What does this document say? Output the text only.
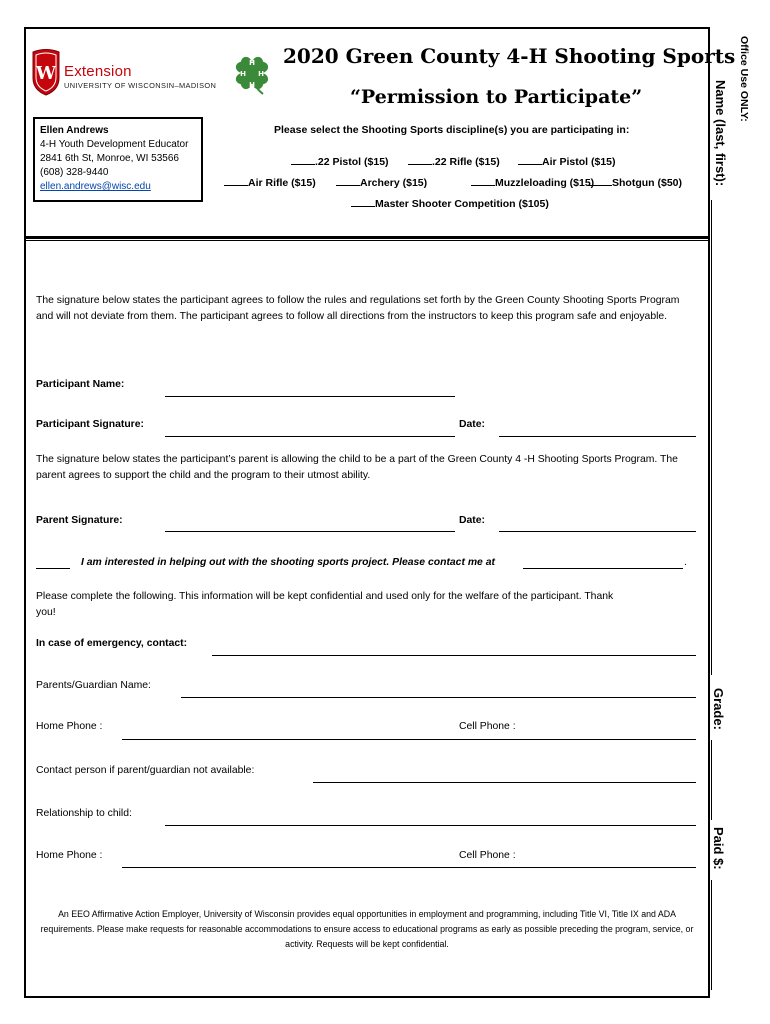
W Extension
UNIVERSITY OF WISCONSIN–MADISON
H
H
H
H
2020 Green County 4-H Shooting Sports
“Permission to Participate”
Ellen Andrews
4-H Youth Development Educator
2841 6th St, Monroe, WI 53566
(608) 328-9440
ellen.andrews@wisc.edu
Please select the Shooting Sports discipline(s) you are participating in:
.22 Pistol ($15)	.22 Rifle ($15)	Air Pistol ($15)
Air Rifle ($15)	Archery ($15)	Muzzleloading ($15)	Shotgun ($50)
Master Shooter Competition ($105)
The signature below states the participant agrees to follow the rules and regulations set forth by the Green County Shooting Sports Program and will not deviate from them. The participant agrees to follow all directions from the instructors to keep this program safe and enjoyable.
Participant Name:
Participant Signature:	Date:
The signature below states the participant’s parent is allowing the child to be a part of the Green County 4 -H Shooting Sports Program. The parent agrees to support the child and the program to their utmost ability.
Parent Signature:	Date:
I am interested in helping out with the shooting sports project. Please contact me at	.
Please complete the following. This information will be kept confidential and used only for the welfare of the participant. Thank you!
In case of emergency, contact:
Parents/Guardian Name:
Home Phone :	Cell Phone :
Contact person if parent/guardian not available:
Relationship to child:
Home Phone :	Cell Phone :
An EEO Affirmative Action Employer, University of Wisconsin provides equal opportunities in employment and programming, including Title VI, Title IX and ADA requirements. Please make requests for reasonable accommodations to ensure access to educational programs as early as possible preceding the program, service, or activity. Requests will be kept confidential.
Office Use ONLY:
Name (last, first):
Grade:
Paid $:
